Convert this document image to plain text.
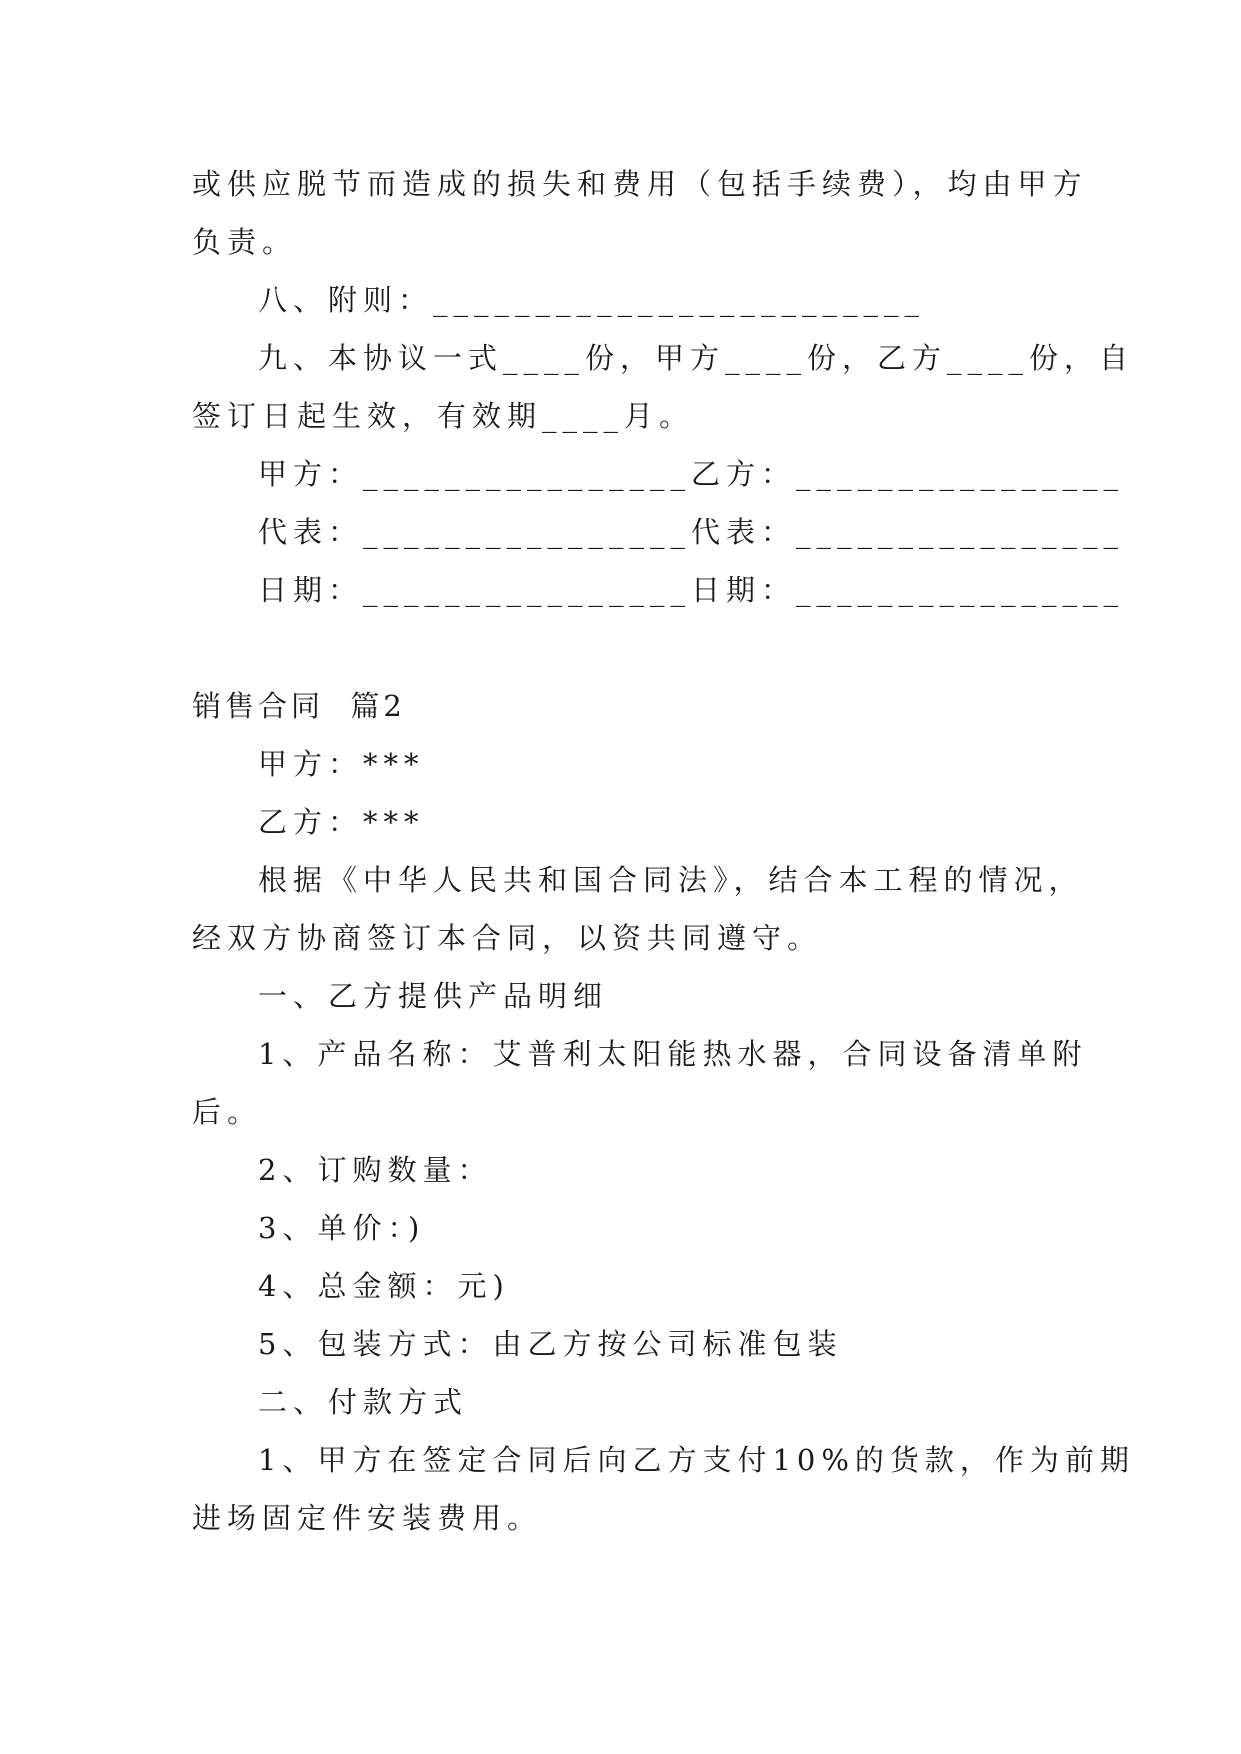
或供应脱节而造成的损失和费用（包括手续费），均由甲方

负责。

八、附则：________________________

九、本协议一式____份，甲方____份，乙方____份，自

签订日起生效，有效期____月。

甲方：________________乙方：________________

代表：________________代表：________________

日期：________________日期：________________

销售合同  篇2

甲方：***

乙方：***

根据《中华人民共和国合同法》，结合本工程的情况，

经双方协商签订本合同，以资共同遵守。

一、乙方提供产品明细

1、产品名称：艾普利太阳能热水器，合同设备清单附

后。

2、订购数量：

3、单价：)

4、总金额：元)

5、包装方式：由乙方按公司标准包装

二、付款方式

1、甲方在签定合同后向乙方支付10%的货款，作为前期

进场固定件安装费用。
